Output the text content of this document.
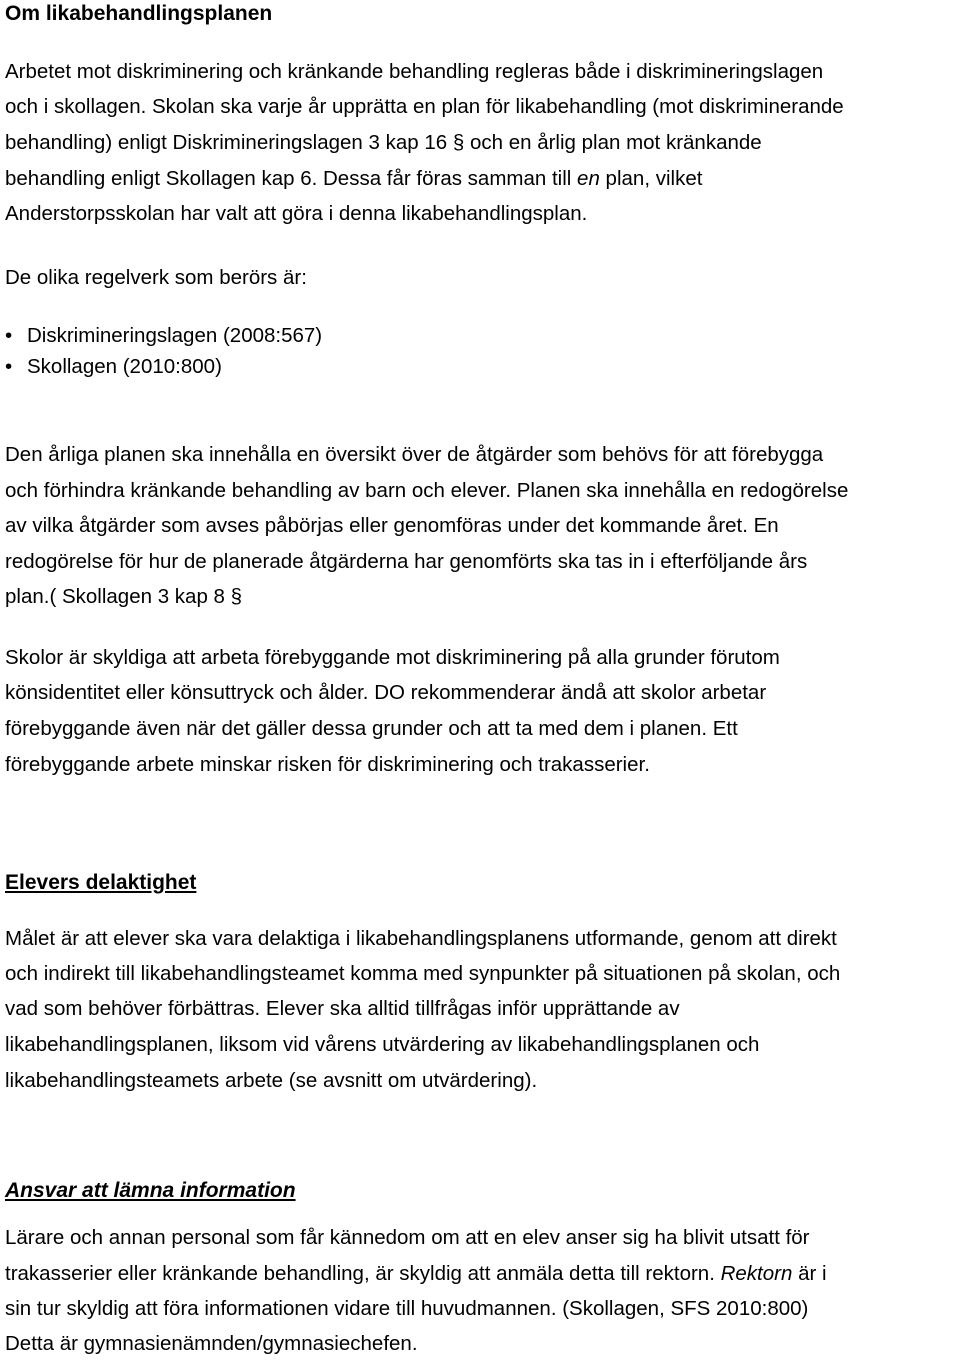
Om likabehandlingsplanen

Arbetet mot diskriminering och kränkande behandling regleras både i diskrimineringslagen

och i skollagen. Skolan ska varje år upprätta en plan för likabehandling (mot diskriminerande

behandling) enligt Diskrimineringslagen 3 kap 16 § och en årlig plan mot kränkande

behandling enligt Skollagen kap 6. Dessa får föras samman till en plan, vilket

Anderstorpsskolan har valt att göra i denna likabehandlingsplan.

De olika regelverk som berörs är:

• Diskrimineringslagen (2008:567)
• Skollagen (2010:800)

Den årliga planen ska innehålla en översikt över de åtgärder som behövs för att förebygga

och förhindra kränkande behandling av barn och elever. Planen ska innehålla en redogörelse

av vilka åtgärder som avses påbörjas eller genomföras under det kommande året. En

redogörelse för hur de planerade åtgärderna har genomförts ska tas in i efterföljande års

plan.( Skollagen 3 kap 8 §

Skolor är skyldiga att arbeta förebyggande mot diskriminering på alla grunder förutom

könsidentitet eller könsuttryck och ålder. DO rekommenderar ändå att skolor arbetar

förebyggande även när det gäller dessa grunder och att ta med dem i planen. Ett

förebyggande arbete minskar risken för diskriminering och trakasserier.

Elevers delaktighet

Målet är att elever ska vara delaktiga i likabehandlingsplanens utformande, genom att direkt

och indirekt till likabehandlingsteamet komma med synpunkter på situationen på skolan, och

vad som behöver förbättras. Elever ska alltid tillfrågas inför upprättande av

likabehandlingsplanen, liksom vid vårens utvärdering av likabehandlingsplanen och

likabehandlingsteamets arbete (se avsnitt om utvärdering).

Ansvar att lämna information

Lärare och annan personal som får kännedom om att en elev anser sig ha blivit utsatt för

trakasserier eller kränkande behandling, är skyldig att anmäla detta till rektorn. Rektorn är i

sin tur skyldig att föra informationen vidare till huvudmannen. (Skollagen, SFS 2010:800)

Detta är gymnasienämnden/gymnasiechefen.
